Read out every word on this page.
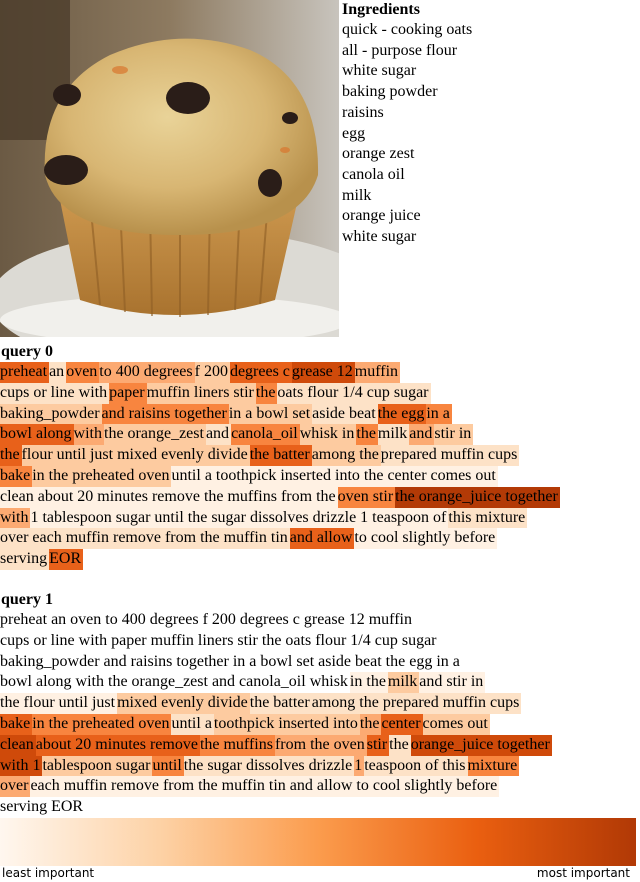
Ingredients
quick - cooking oats
all - purpose flour
white sugar
baking powder
raisins
egg
orange zest
canola oil
milk
orange juice
white sugar
query 0
preheat an oven to 400 degrees f 200 degrees c grease 12 muffin
cups or line with paper muffin liners stir the oats flour 1/4 cup sugar
baking_powder and raisins together in a bowl set aside beat the egg in a
bowl along with the orange_zest and canola_oil whisk in the milk and stir in
the flour until just mixed evenly divide the batter among the prepared muffin cups
bake in the preheated oven until a toothpick inserted into the center comes out
clean about 20 minutes remove the muffins from the oven stir the orange_juice together
with 1 tablespoon sugar until the sugar dissolves drizzle 1 teaspoon of this mixture
over each muffin remove from the muffin tin and allow to cool slightly before
serving EOR
query 1
preheat an oven to 400 degrees f 200 degrees c grease 12 muffin
cups or line with paper muffin liners stir the oats flour 1/4 cup sugar
baking_powder and raisins together in a bowl set aside beat the egg in a
bowl along with the orange_zest and canola_oil whisk in the milk and stir in
the flour until just mixed evenly divide the batter among the prepared muffin cups
bake in the preheated oven until a toothpick inserted into the center comes out
clean about 20 minutes remove the muffins from the oven stir the orange_juice together
with 1 tablespoon sugar until the sugar dissolves drizzle 1 teaspoon of this mixture
over each muffin remove from the muffin tin and allow to cool slightly before
serving EOR
least important	most important
